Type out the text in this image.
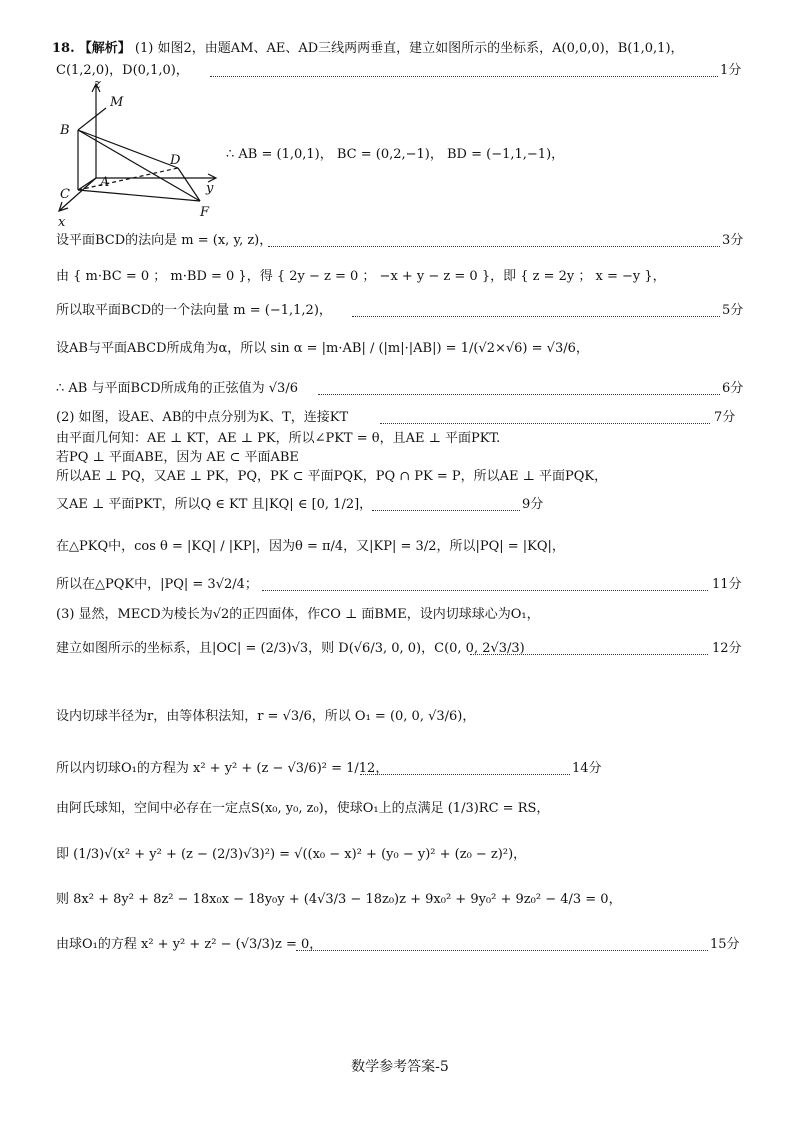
18. 【解析】 (1) 如图2，由题AM、AE、AD三线两两垂直，建立如图所示的坐标系，A(0,0,0)，B(1,0,1)，
C(1,2,0)，D(0,1,0)，	1分
z
M
B
D
y
A
C
x
F
∴ AB = (1,0,1)， BC = (0,2,−1)， BD = (−1,1,−1)，
设平面BCD的法向是 m = (x, y, z)，	3分
由 { m·BC = 0 ； m·BD = 0 }，得 { 2y − z = 0 ； −x + y − z = 0 }，即 { z = 2y ； x = −y }，
所以取平面BCD的一个法向量 m = (−1,1,2)，	5分
设AB与平面ABCD所成角为α，所以 sin α = |m·AB| / (|m|·|AB|) = 1/(√2×√6) = √3/6，
∴ AB 与平面BCD所成角的正弦值为 √3/6	6分
(2) 如图，设AE、AB的中点分别为K、T，连接KT	7分
由平面几何知：AE ⊥ KT，AE ⊥ PK，所以∠PKT = θ，且AE ⊥ 平面PKT.
若PQ ⊥ 平面ABE，因为 AE ⊂ 平面ABE
所以AE ⊥ PQ，又AE ⊥ PK，PQ，PK ⊂ 平面PQK，PQ ∩ PK = P，所以AE ⊥ 平面PQK，
又AE ⊥ 平面PKT，所以Q ∈ KT 且|KQ| ∈ [0, 1/2]，	9分
在△PKQ中，cos θ = |KQ| / |KP|，因为θ = π/4，又|KP| = 3/2，所以|PQ| = |KQ|，
所以在△PQK中，|PQ| = 3√2/4；	11分
(3) 显然，MECD为棱长为√2的正四面体，作CO ⊥ 面BME，设内切球球心为O₁，
建立如图所示的坐标系，且|OC| = (2/3)√3，则 D(√6/3, 0, 0)，C(0, 0, 2√3/3)	12分
设内切球半径为r，由等体积法知，r = √3/6，所以 O₁ = (0, 0, √3/6)，
所以内切球O₁的方程为 x² + y² + (z − √3/6)² = 1/12，	14分
由阿氏球知，空间中必存在一定点S(x₀, y₀, z₀)，使球O₁上的点满足 (1/3)RC = RS，
即 (1/3)√(x² + y² + (z − (2/3)√3)²) = √((x₀ − x)² + (y₀ − y)² + (z₀ − z)²)，
则 8x² + 8y² + 8z² − 18x₀x − 18y₀y + (4√3/3 − 18z₀)z + 9x₀² + 9y₀² + 9z₀² − 4/3 = 0，
由球O₁的方程 x² + y² + z² − (√3/3)z = 0，	15分
数学参考答案-5
